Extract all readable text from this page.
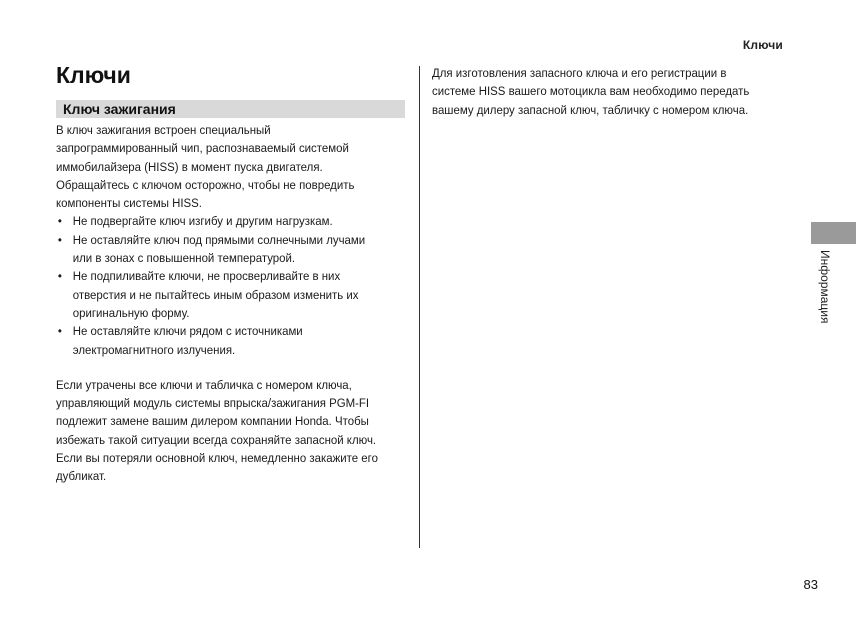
Ключи
Ключи
Ключ зажигания

В ключ зажигания встроен специальный запрограммированный чип, распознаваемый системой иммобилайзера (HISS) в момент пуска двигателя. Обращайтесь с ключом осторожно, чтобы не повредить компоненты системы HISS.

• Не подвергайте ключ изгибу и другим нагрузкам.
• Не оставляйте ключ под прямыми солнечными лучами или в зонах с повышенной температурой.
• Не подпиливайте ключи, не просверливайте в них отверстия и не пытайтесь иным образом изменить их оригинальную форму.
• Не оставляйте ключи рядом с источниками электромагнитного излучения.

Если утрачены все ключи и табличка с номером ключа, управляющий модуль системы впрыска/зажигания PGM-FI подлежит замене вашим дилером компании Honda. Чтобы избежать такой ситуации всегда сохраняйте запасной ключ.

Если вы потеряли основной ключ, немедленно закажите его дубликат.

Для изготовления запасного ключа и его регистрации в системе HISS вашего мотоцикла вам необходимо передать вашему дилеру запасной ключ, табличку с номером ключа.

Информация
83
